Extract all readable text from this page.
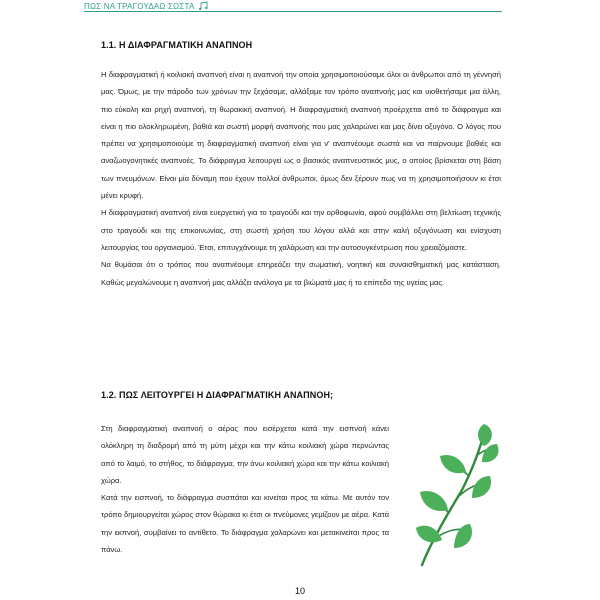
ΠΩΣ ΝΑ ΤΡΑΓΟΥΔΑΩ ΣΩΣΤΑ
1.1. Η ΔΙΑΦΡΑΓΜΑΤΙΚΗ ΑΝΑΠΝΟΗ

Η διαφραγματική ή κοιλιακή αναπνοή είναι η αναπνοή την οποία χρησιμοποιούσαμε όλοι οι άνθρωποι από τη γέννησή μας. Όμως, με την πάροδο των χρόνων την ξεχάσαμε, αλλάξαμε τον τρόπο αναπνοής μας και υιοθετήσαμε μια άλλη, πιο εύκολη και ρηχή αναπνοή, τη θωρακική αναπνοή. Η διαφραγματική αναπνοή προέρχεται από το διάφραγμα και είναι η πιο ολοκληρωμένη, βαθιά και σωστή μορφή αναπνοής που μας χαλαρώνει και μας δίνει οξυγόνο. Ο λόγος που πρέπει να χρησιμοποιούμε τη διαφραγματική αναπνοή είναι για ν' αναπνέουμε σωστά και να παίρνουμε βαθιές και αναζωογονητικές αναπνοές. Το διάφραγμα λειτουργεί ως ο βασικός αναπνευστικός μυς, ο οποίος βρίσκεται στη βάση των πνευμόνων. Είναι μία δύναμη που έχουν πολλοί άνθρωποι, όμως δεν ξέρουν πως να τη χρησιμοποιήσουν κι έτσι μένει κρυφή.

Η διαφραγματική αναπνοή είναι ευεργετική για το τραγούδι και την ορθοφωνία, αφού συμβάλλει στη βελτίωση τεχνικής στο τραγούδι και της επικοινωνίας, στη σωστή χρήση του λόγου αλλά και στην καλή οξυγόνωση και ενίσχυση λειτουργίας του οργανισμού. Έτσι, επιτυγχάνουμε τη χαλάρωση και την αυτοσυγκέντρωση που χρειαζόμαστε.

Να θυμάσαι ότι ο τρόπος που αναπνέουμε επηρεάζει την σωματική, νοητική και συναισθηματική μας κατάσταση. Καθώς μεγαλώνουμε η αναπνοή μας αλλάζει ανάλογα με τα βιώματά μας ή το επίπεδο της υγείας μας.

1.2. ΠΩΣ ΛΕΙΤΟΥΡΓΕΙ Η ΔΙΑΦΡΑΓΜΑΤΙΚΗ ΑΝΑΠΝΟΗ;

Στη διαφραγματική αναπνοή ο αέρας που εισέρχεται κατά την εισπνοή κάνει ολόκληρη τη διαδρομή από τη μύτη μέχρι και την κάτω κοιλιακή χώρα περνώντας από το λαιμό, το στήθος, το διάφραγμα, την άνω κοιλιακή χώρα και την κάτω κοιλιακή χώρα.

Κατά την εισπνοή, το διάφραγμα συσπάται και κινείται προς τα κάτω. Με αυτόν τον τρόπο δημιουργείται χώρος στον θώρακα κι έτσι οι πνεύμονες γεμίζουν με αέρα. Κατά την εκπνοή, συμβαίνει το αντίθετο. Το διάφραγμα χαλαρώνει και μετακινείται προς τα πάνω.

10
